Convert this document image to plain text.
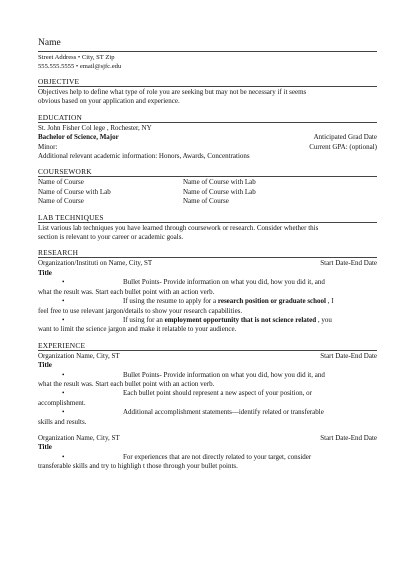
Name
Street Address • City, ST Zip
555.555.5555 • email@sjfc.edu
OBJECTIVE
Objectives help to define what type of role you are seeking but may not be necessary if it seems
obvious based on your application and experience.
EDUCATION
St. John Fisher Col lege , Rochester, NY
Bachelor of Science, Major	Anticipated Grad Date
Minor:	Current GPA: (optional)
Additional relevant academic information: Honors, Awards, Concentrations
COURSEWORK
Name of Course	Name of Course with Lab
Name of Course with Lab	Name of Course with Lab
Name of Course	Name of Course
LAB TECHNIQUES
List various lab techniques you have learned through coursework or research. Consider whether this
section is relevant to your career or academic goals.
RESEARCH
Organization/Instituti on Name, City, ST	Start Date-End Date
Title
•	Bullet Points- Provide information on what you did, how you did it, and
what the result was. Start each bullet point with an action verb.
•	If using the resume to apply for a research position or graduate school , I
feel free to use relevant jargon/details to show your research capabilities.
•	If using for an employment opportunity that is not science related , you
want to limit the science jargon and make it relatable to your audience.
EXPERIENCE
Organization Name, City, ST	Start Date-End Date
Title
•	Bullet Points- Provide information on what you did, how you did it, and
what the result was. Start each bullet point with an action verb.
•	Each bullet point should represent a new aspect of your position, or
accomplishment.
•	Additional accomplishment statements—identify related or transferable
skills and results.
Organization Name, City, ST	Start Date-End Date
Title
•	For experiences that are not directly related to your target, consider
transferable skills and try to highligh t those through your bullet points.
